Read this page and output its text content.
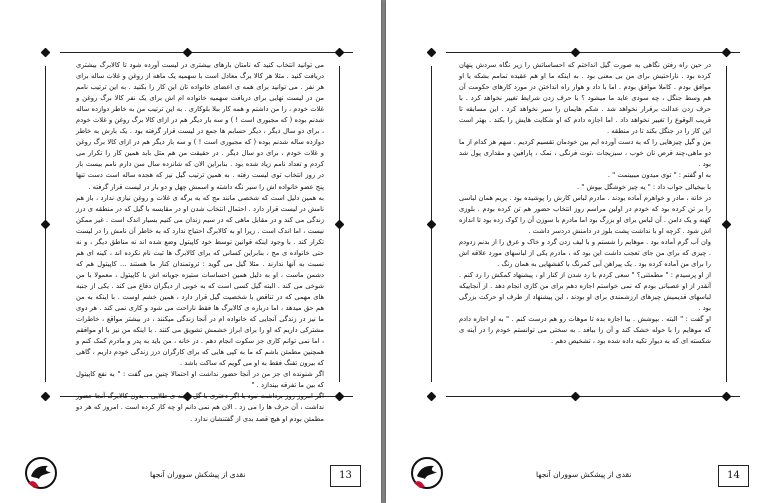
می توانید انتخاب کنید که نامتان بارهای بیشتری در لیست آورده شود تا کالابرگ بیشتری دریافت کنید . مثلا هر کالا برگ معادل است با سهمیه یک ماهه از روغن و غلات ساله برای هر نفر . می توانید برای همه ی اعضای خانواده تان این کار را بکنید . به این ترتیب نامم من در لیست نهایی برای دریافت سهمیه خانواده ام اش برای یک نفر کالا برگ روغن و غلات خودم ، را من داشتم و همه کار ببلا بلوکاری . به این ترتیب من به خاطر دوازده ساله شدنم بوده ( که مجبوری است ! ) و سه بار دیگر هم در ازای کالا برگ روغن و غلات خودم ، برای دو سال دیگر ، دیگر حسابم ها جمع در لیست قرار گرفته بود . یک بارش به خاطر دوازده ساله شدنم بوده ( که مجبوری است ! ) و سه بار دیگر هم در ازای کالا برگ روغن و غلات خودم ، برای دو سال دیگر . در حقیقت من هم مثل باید همین کار را تکرار می کردم و تعداد نامم زیاد شده بود . بنابراین الان که شانزده سال سن دارم نامم بیست بار در روز انتخاب توی لیست رفته . به همین ترتیب گیل نیز که هجده ساله است دست تنها پنج عضو خانواده اش را سیر نگه داشته و اسمش چهل و دو بار در لیست قرار گرفته .

به همین دلیل است که شخصی مانند مج که به برگه ی غلات و روغن نیازی ندارد ، باز هم نامش در لیست قرار دارد . احتمال انتخاب شدن او در مقایسه با گیل که در منطقه ی درز زندگی می کند و در مقابل ماهی که در سیم زندان می کنیم بسیار اندک است . غیر ممکن نیست ، اما اندک است . زیرا او به کالابرگ احتیاج ندارد که به خاطر آن نامش را در لیست تکرار کند . با وجود اینکه قوانین توسط خود کاپیتول وضع شده اند نه مناطق دیگر ، و نه حتی خانواده ی مج ، بنابراین کسانی که برای کالابرگ ها ثبت نام نکرده اند ، کینه ای هم نسبت به آنها ندارند . مثلا گیل می گوید : ثروتمندان کنار ما هستند ... کاپیتول هم که دشمن ماست ، او به دلیل همین احساسات ستیزه جویانه اش با کاپیتول ، معمولا با من شوخی می کند . البته گیل کسی است که به خوبی از دیگران دفاع می کند . یکی از جنبه های مهمی که در تناقض با شخصیت گیل قرار دارد ، همین خشم اوست . با اینکه به من هم حق میدهد ، اما درباره ی کالابرگ ها فقط ناراحت می شود و کاری نمی کند . هر دوی ما نیز در زندگی آنجایی که خانواده ام در آنجا زندگی میکنند ، در بیشتر مواقع ، خاطرات مشترکی داریم که او را برای ابراز خشمش تشویق می کنند . با اینکه من نیز با او موافقم ، اما نمی توانم کاری جز سکوت انجام دهم . در خانه ، من باید به پدر و مادرم کمک کنم و همچنین مطمئن باشم که ما به کپی هایی که برای کارگران درز زندگی خودم داریم ، گاهی که بیرون تفنگ فقط به او می گویم که ساکت باشد .

اگر شنونده ای جز من در آنجا حضور نداشت او احتمالا چنین می گفت : " به نفع کاپیتول که بین ما تفرقه بیندازد . "

اگر امروز روز برداشت نبود یا اگر دختری با گل سینه ی طلایی ، بدون کالابرگ آنجا حضور نداشت ، آن حرف ها را می زد . الان هم نمی دانم او چه کار کرده است . امروز که هر دو مطمئن بودم او هیچ قصد بدی از گفتنشان ندارد .

نقدی از پیشکش سووران آنجها	13

در حین راه رفتن نگاهی به صورت گیل انداختم که احساساتش را زیر نگاه سردش پنهان کرده بود . ناراحتیش برای من بی معنی بود . به اینکه ما او هم عقیده تمامم بشکه یا او موافق بودم . کاملا موافق بودم . اما با داد و هوار راه انداختن در مورد کارهای حکومت آن هم وسط جنگل ، چه سودی عاید ما میشود ؟ با حرف زدن شرایط تغییر نخواهد کرد . با حرف زدن عدالت برقرار نخواهد شد . شکم هایمان را سیر نخواهد کرد . این مسابقه تا قریب الوقوع را تغییر نخواهد داد . اما اجازه دادم که او شکایت هایش را بکند . بهتر است این کار را در جنگل بکند تا در منطقه .

من و گیل چیزهایی را که به دست آورده ایم بین خودمان تقسیم کردیم . سهم هر کدام از ما دو ماهی،چند قرص نان خوب ، سبزیجات ،توت فرنگی ، نمک ، پارافین و مقداری پول شد بود .

به او گفتم : " توی میدون میبینمت " .

با بیخیالی جواب داد : " یه چیز خوشگل بپوش " .

در خانه ، مادر و خواهرم آماده بودند . مادرم لباس کارش را پوشیده بود . پریم همان لباسی را بر تن کرده بود که خودم در اولین مراسم روز انتخاب حضور هم تن کرده بودم . بلوزی کهنه و یک دامن . آن لباس برای او بزرگ بود اما مادرم با سوزن آن را کوک زده بود تا اندازه اش شود . کرچه او با نداشت پشت بلوز در دامنش دردسر داشت .

وان آب گرم آماده بود . موهایم را شستم و با لیف زدن گرد و خاک و عرق را از بدنم زدودم . چیزی که برای من جای تعجب داشت این بود که ، مادرم یکی از لباسهای مورد علاقه اش را برای من آماده کرده بود . یک پیراهن آبی کمرنگ با کفشهایی به همان رنگ .

از او پرسیدم : " مطمئنی؟ " سعی کردم با رد شدن از کنار او ، پیشنهاد کمکش را رد کنم . آنقدر از او عصبانی بودم که نمی خواستم اجازه دهم برای من کاری انجام دهد . از آنجاییکه لباسهای قدیمیش چیزهای ارزشمندی برای او بودند ، این پیشنهاد از طرف او حرکت بزرگی بود .

او گفت : " البته . بپوشش . بیا اجازه بده تا موهات رو هم درست کنم . " به او اجازه دادم که موهایم را با حوله خشک کند و آن را ببافد . به سختی می توانستم خودم را در آینه ی شکسته ای که به دیوار تکیه داده شده بود ، تشخیص دهم .

نقدی از پیشکش سووران آنجها	14
